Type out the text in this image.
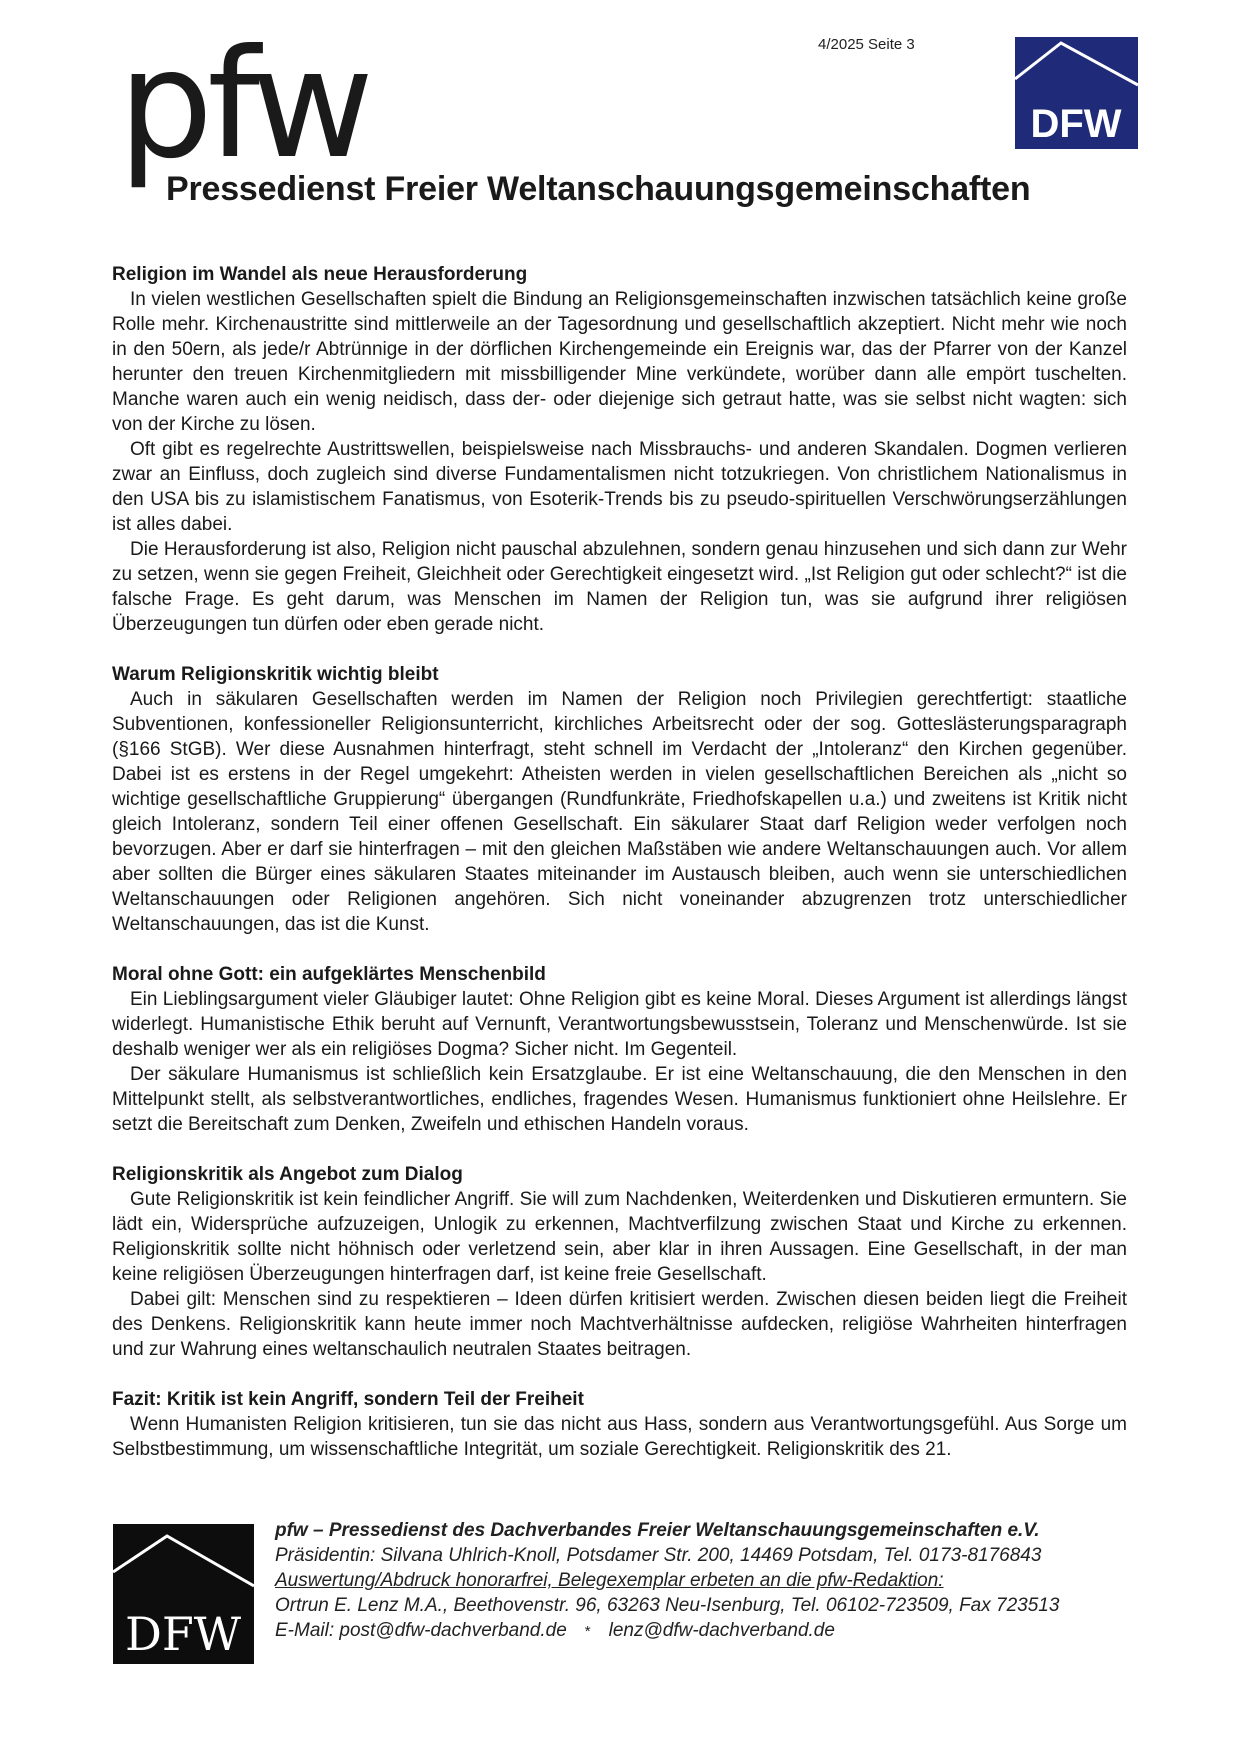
4/2025 Seite 3
pfw
Pressedienst Freier Weltanschauungsgemeinschaften
DFW
Religion im Wandel als neue Herausforderung

In vielen westlichen Gesellschaften spielt die Bindung an Religionsgemeinschaften inzwischen tatsächlich keine große Rolle mehr. Kirchenaustritte sind mittlerweile an der Tagesordnung und gesellschaftlich akzeptiert. Nicht mehr wie noch in den 50ern, als jede/r Abtrünnige in der dörflichen Kirchengemeinde ein Ereignis war, das der Pfarrer von der Kanzel herunter den treuen Kirchenmitgliedern mit missbilligender Mine verkündete, worüber dann alle empört tuschelten. Manche waren auch ein wenig neidisch, dass der- oder diejenige sich getraut hatte, was sie selbst nicht wagten: sich von der Kirche zu lösen.

Oft gibt es regelrechte Austrittswellen, beispielsweise nach Missbrauchs- und anderen Skandalen. Dogmen verlieren zwar an Einfluss, doch zugleich sind diverse Fundamentalismen nicht totzukriegen. Von christlichem Nationalismus in den USA bis zu islamistischem Fanatismus, von Esoterik-Trends bis zu pseudo-spirituellen Verschwörungserzählungen ist alles dabei.

Die Herausforderung ist also, Religion nicht pauschal abzulehnen, sondern genau hinzusehen und sich dann zur Wehr zu setzen, wenn sie gegen Freiheit, Gleichheit oder Gerechtigkeit eingesetzt wird. „Ist Religion gut oder schlecht?“ ist die falsche Frage. Es geht darum, was Menschen im Namen der Religion tun, was sie aufgrund ihrer religiösen Überzeugungen tun dürfen oder eben gerade nicht.

Warum Religionskritik wichtig bleibt

Auch in säkularen Gesellschaften werden im Namen der Religion noch Privilegien gerechtfertigt: staatliche Subventionen, konfessioneller Religionsunterricht, kirchliches Arbeitsrecht oder der sog. Gotteslästerungsparagraph (§166 StGB). Wer diese Ausnahmen hinterfragt, steht schnell im Verdacht der „Intoleranz“ den Kirchen gegenüber. Dabei ist es erstens in der Regel umgekehrt: Atheisten werden in vielen gesellschaftlichen Bereichen als „nicht so wichtige gesellschaftliche Gruppierung“ übergangen (Rundfunkräte, Friedhofskapellen u.a.) und zweitens ist Kritik nicht gleich Intoleranz, sondern Teil einer offenen Gesellschaft. Ein säkularer Staat darf Religion weder verfolgen noch bevorzugen. Aber er darf sie hinterfragen – mit den gleichen Maßstäben wie andere Weltanschauungen auch. Vor allem aber sollten die Bürger eines säkularen Staates miteinander im Austausch bleiben, auch wenn sie unterschiedlichen Weltanschauungen oder Religionen angehören. Sich nicht voneinander abzugrenzen trotz unterschiedlicher Weltanschauungen, das ist die Kunst.

Moral ohne Gott: ein aufgeklärtes Menschenbild

Ein Lieblingsargument vieler Gläubiger lautet: Ohne Religion gibt es keine Moral. Dieses Argument ist allerdings längst widerlegt. Humanistische Ethik beruht auf Vernunft, Verantwortungsbewusstsein, Toleranz und Menschenwürde. Ist sie deshalb weniger wer als ein religiöses Dogma? Sicher nicht. Im Gegenteil.

Der säkulare Humanismus ist schließlich kein Ersatzglaube. Er ist eine Weltanschauung, die den Menschen in den Mittelpunkt stellt, als selbstverantwortliches, endliches, fragendes Wesen. Humanismus funktioniert ohne Heilslehre. Er setzt die Bereitschaft zum Denken, Zweifeln und ethischen Handeln voraus.

Religionskritik als Angebot zum Dialog

Gute Religionskritik ist kein feindlicher Angriff. Sie will zum Nachdenken, Weiterdenken und Diskutieren ermuntern. Sie lädt ein, Widersprüche aufzuzeigen, Unlogik zu erkennen, Machtverfilzung zwischen Staat und Kirche zu erkennen. Religionskritik sollte nicht höhnisch oder verletzend sein, aber klar in ihren Aussagen. Eine Gesellschaft, in der man keine religiösen Überzeugungen hinterfragen darf, ist keine freie Gesellschaft.

Dabei gilt: Menschen sind zu respektieren – Ideen dürfen kritisiert werden. Zwischen diesen beiden liegt die Freiheit des Denkens. Religionskritik kann heute immer noch Machtverhältnisse aufdecken, religiöse Wahrheiten hinterfragen und zur Wahrung eines weltanschaulich neutralen Staates beitragen.

Fazit: Kritik ist kein Angriff, sondern Teil der Freiheit

Wenn Humanisten Religion kritisieren, tun sie das nicht aus Hass, sondern aus Verantwortungsgefühl. Aus Sorge um Selbstbestimmung, um wissenschaftliche Integrität, um soziale Gerechtigkeit. Religionskritik des 21.

DFW
pfw – Pressedienst des Dachverbandes Freier Weltanschauungsgemeinschaften e.V.
Präsidentin: Silvana Uhlrich-Knoll, Potsdamer Str. 200, 14469 Potsdam, Tel. 0173-8176843
Auswertung/Abdruck honorarfrei, Belegexemplar erbeten an die pfw-Redaktion:
Ortrun E. Lenz M.A., Beethovenstr. 96, 63263 Neu-Isenburg, Tel. 06102-723509, Fax 723513
E-Mail: post@dfw-dachverband.de * lenz@dfw-dachverband.de
